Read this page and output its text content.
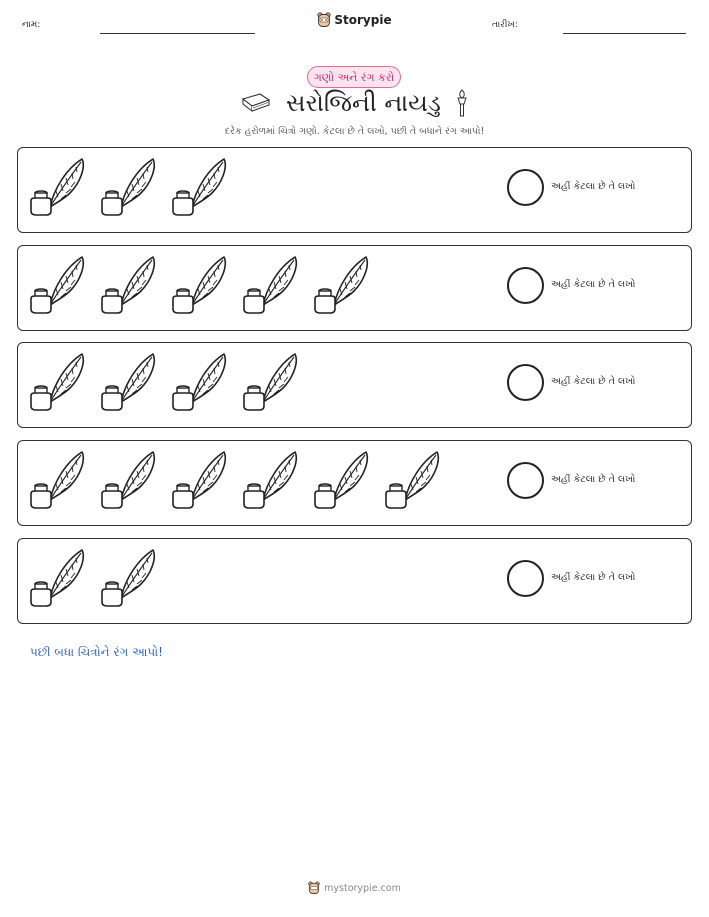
નામ:	તારીખ:
Storypie
ગણો અને રંગ કરો
સરોજિની નાયડુ
દરેક હરોળમાં ચિત્રો ગણો. કેટલા છે તે લખો, પછી તે બધાને રંગ આપો!
અહીં કેટલા છે તે લખો
અહીં કેટલા છે તે લખો
અહીં કેટલા છે તે લખો
અહીં કેટલા છે તે લખો
અહીં કેટલા છે તે લખો
પછી બધા ચિત્રોને રંગ આપો!
mystorypie.com
